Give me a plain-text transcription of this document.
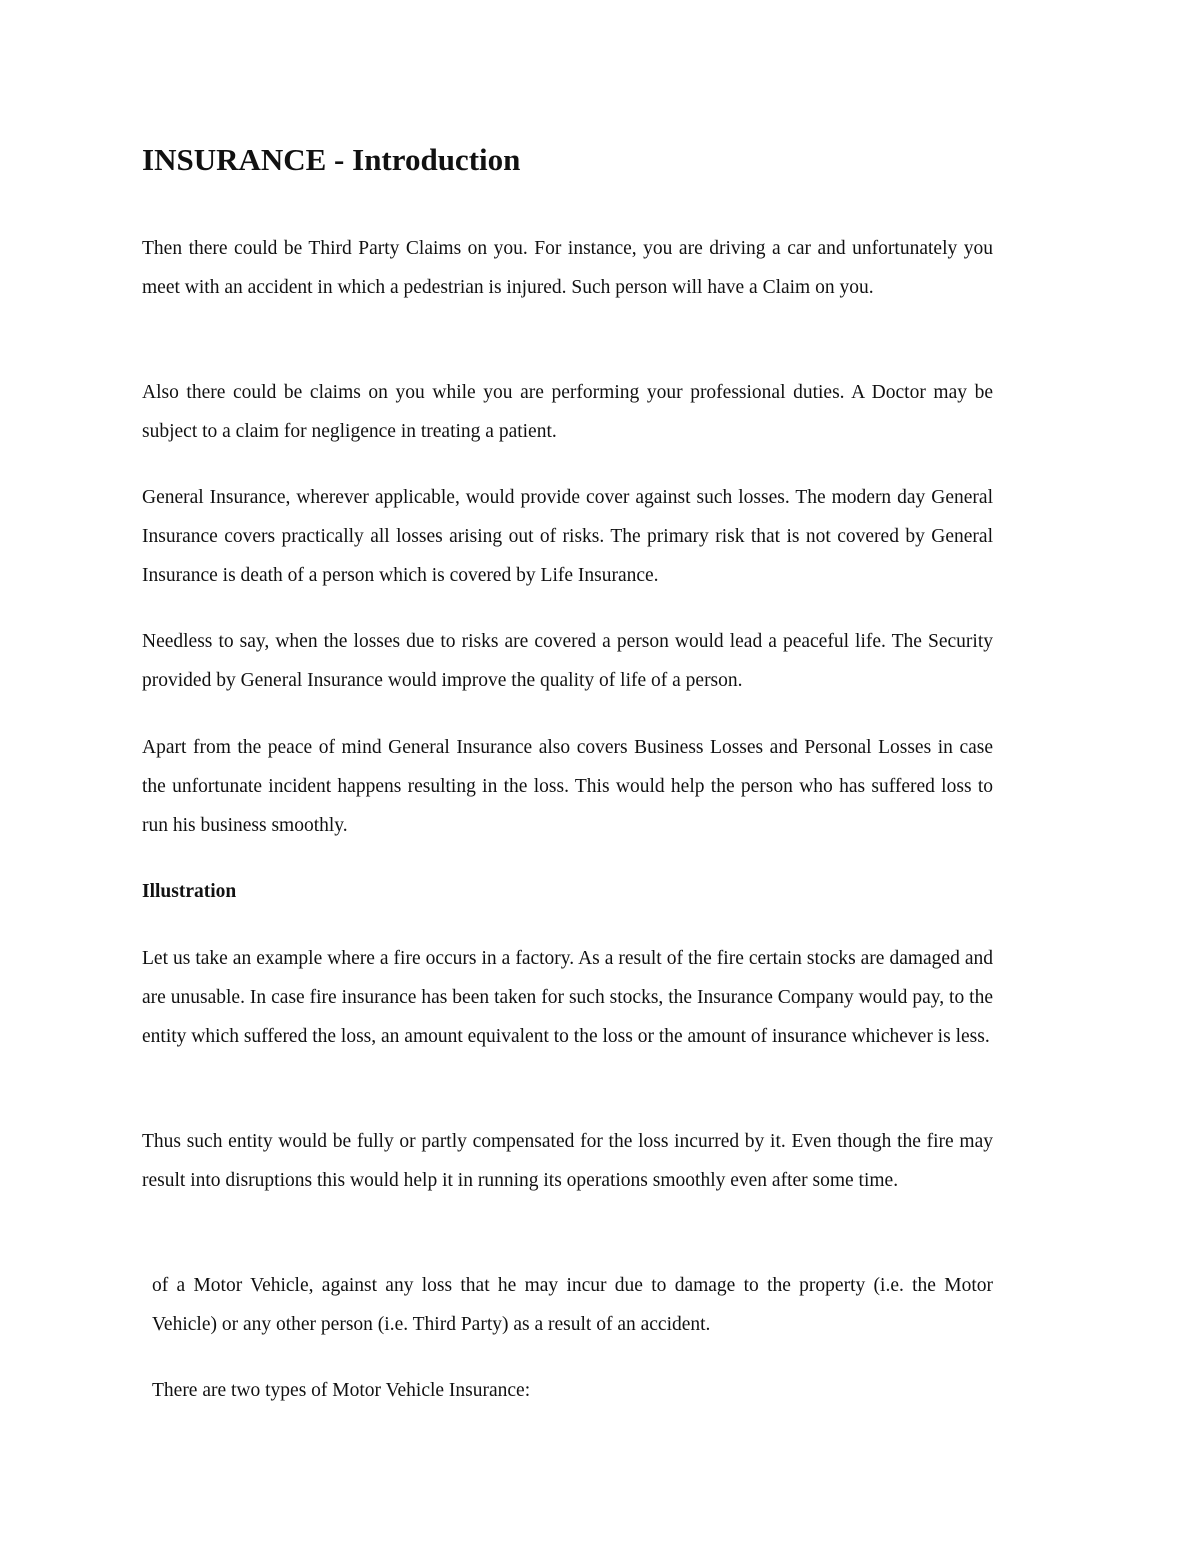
INSURANCE - Introduction

Then there could be Third Party Claims on you. For instance, you are driving a car and unfortunately you meet with an accident in which a pedestrian is injured. Such person will have a Claim on you.

Also there could be claims on you while you are performing your professional duties. A Doctor may be subject to a claim for negligence in treating a patient.

General Insurance, wherever applicable, would provide cover against such losses. The modern day General Insurance covers practically all losses arising out of risks. The primary risk that is not covered by General Insurance is death of a person which is covered by Life Insurance.

Needless to say, when the losses due to risks are covered a person would lead a peaceful life. The Security provided by General Insurance would improve the quality of life of a person.

Apart from the peace of mind General Insurance also covers Business Losses and Personal Losses in case the unfortunate incident happens resulting in the loss. This would help the person who has suffered loss to run his business smoothly.

Illustration

Let us take an example where a fire occurs in a factory. As a result of the fire certain stocks are damaged and are unusable. In case fire insurance has been taken for such stocks, the Insurance Company would pay, to the entity which suffered the loss, an amount equivalent to the loss or the amount of insurance whichever is less.

Thus such entity would be fully or partly compensated for the loss incurred by it. Even though the fire may result into disruptions this would help it in running its operations smoothly even after some time.

of a Motor Vehicle, against any loss that he may incur due to damage to the property (i.e. the Motor Vehicle) or any other person (i.e. Third Party) as a result of an accident.

There are two types of Motor Vehicle Insurance:
